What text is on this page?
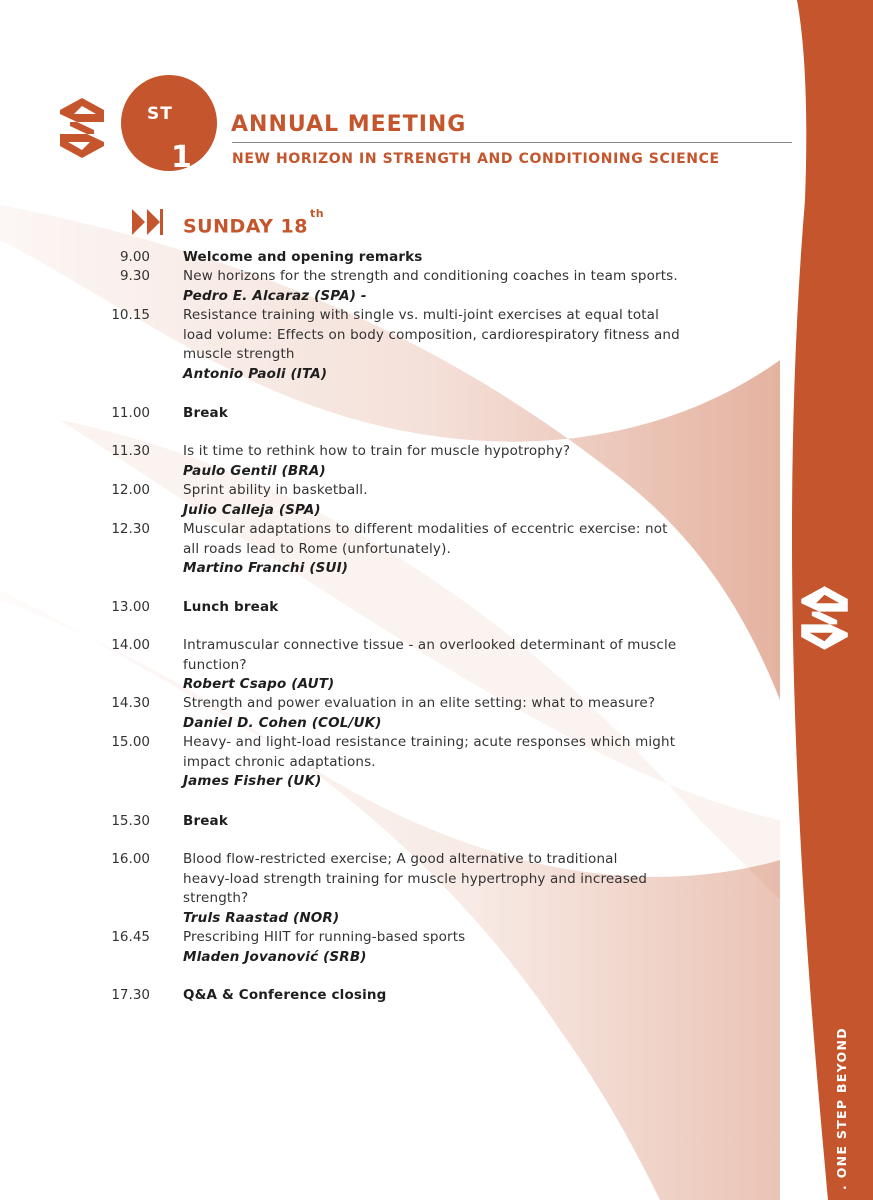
1
$^{ST}$	ANNUAL MEETING
NEW HORIZON IN STRENGTH AND CONDITIONING SCIENCE
SUNDAY 18th
9.00 Welcome and opening remarks
9.30 New horizons for the strength and conditioning coaches in team sports.
Pedro E. Alcaraz (SPA) -
10.15 Resistance training with single vs. multi-joint exercises at equal total
load volume: Effects on body composition, cardiorespiratory fitness and
muscle strength
Antonio Paoli (ITA)
11.00 Break
11.30 Is it time to rethink how to train for muscle hypotrophy?
Paulo Gentil (BRA)
12.00 Sprint ability in basketball.
Julio Calleja (SPA)
12.30 Muscular adaptations to different modalities of eccentric exercise: not
all roads lead to Rome (unfortunately).
Martino Franchi (SUI)
13.00 Lunch break
14.00 Intramuscular connective tissue - an overlooked determinant of muscle
function?
Robert Csapo (AUT)
14.30 Strength and power evaluation in an elite setting: what to measure?
Daniel D. Cohen (COL/UK)
15.00 Heavy- and light-load resistance training; acute responses which might
impact chronic adaptations.
James Fisher (UK)
15.30 Break
16.00 Blood flow-restricted exercise; A good alternative to traditional
heavy-load strength training for muscle hypertrophy and increased
strength?
Truls Raastad (NOR)
16.45 Prescribing HIIT for running-based sports
Mladen Jovanović (SRB)
17.30 Q&A & Conference closing
. ONE STEP BEYOND
